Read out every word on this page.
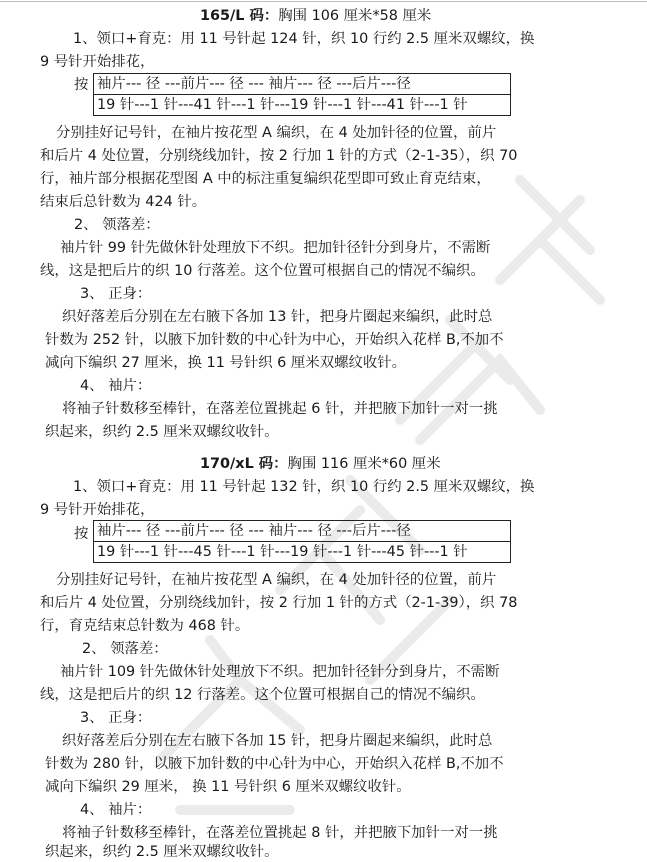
165/L 码：胸围 106 厘米*58 厘米
1、领口+育克：用 11 号针起 124 针，织 10 行约 2.5 厘米双螺纹，换
9 号针开始排花，
按 袖片--- 径 ---前片--- 径 --- 袖片--- 径 ---后片---径
19 针---1 针---41 针---1 针---19 针---1 针---41 针---1 针
分别挂好记号针，在袖片按花型 A 编织，在 4 处加针径的位置，前片
和后片 4 处位置，分别绕线加针，按 2 行加 1 针的方式（2-1-35），织 70
行，袖片部分根据花型图 A 中的标注重复编织花型即可致止育克结束，
结束后总针数为 424 针。
2、 领落差：
袖片针 99 针先做休针处理放下不织。把加针径针分到身片，不需断
线，这是把后片的织 10 行落差。这个位置可根据自己的情况不编织。
3、 正身：
织好落差后分别在左右腋下各加 13 针，把身片圈起来编织，此时总
针数为 252 针，以腋下加针数的中心针为中心，开始织入花样 B,不加不
减向下编织 27 厘米，换 11 号针织 6 厘米双螺纹收针。
4、 袖片：
将袖子针数移至棒针，在落差位置挑起 6 针，并把腋下加针一对一挑
织起来，织约 2.5 厘米双螺纹收针。
170/xL 码：胸围 116 厘米*60 厘米
1、领口+育克：用 11 号针起 132 针，织 10 行约 2.5 厘米双螺纹，换
9 号针开始排花，
按 袖片--- 径 ---前片--- 径 --- 袖片--- 径 ---后片---径
19 针---1 针---45 针---1 针---19 针---1 针---45 针---1 针
分别挂好记号针，在袖片按花型 A 编织，在 4 处加针径的位置，前片
和后片 4 处位置，分别绕线加针，按 2 行加 1 针的方式（2-1-39），织 78
行，育克结束总针数为 468 针。
2、 领落差：
袖片针 109 针先做休针处理放下不织。把加针径针分到身片，不需断
线，这是把后片的织 12 行落差。这个位置可根据自己的情况不编织。
3、 正身：
织好落差后分别在左右腋下各加 15 针，把身片圈起来编织，此时总
针数为 280 针，以腋下加针数的中心针为中心，开始织入花样 B,不加不
减向下编织 29 厘米， 换 11 号针织 6 厘米双螺纹收针。
4、 袖片：
将袖子针数移至棒针，在落差位置挑起 8 针，并把腋下加针一对一挑
织起来，织约 2.5 厘米双螺纹收针。
